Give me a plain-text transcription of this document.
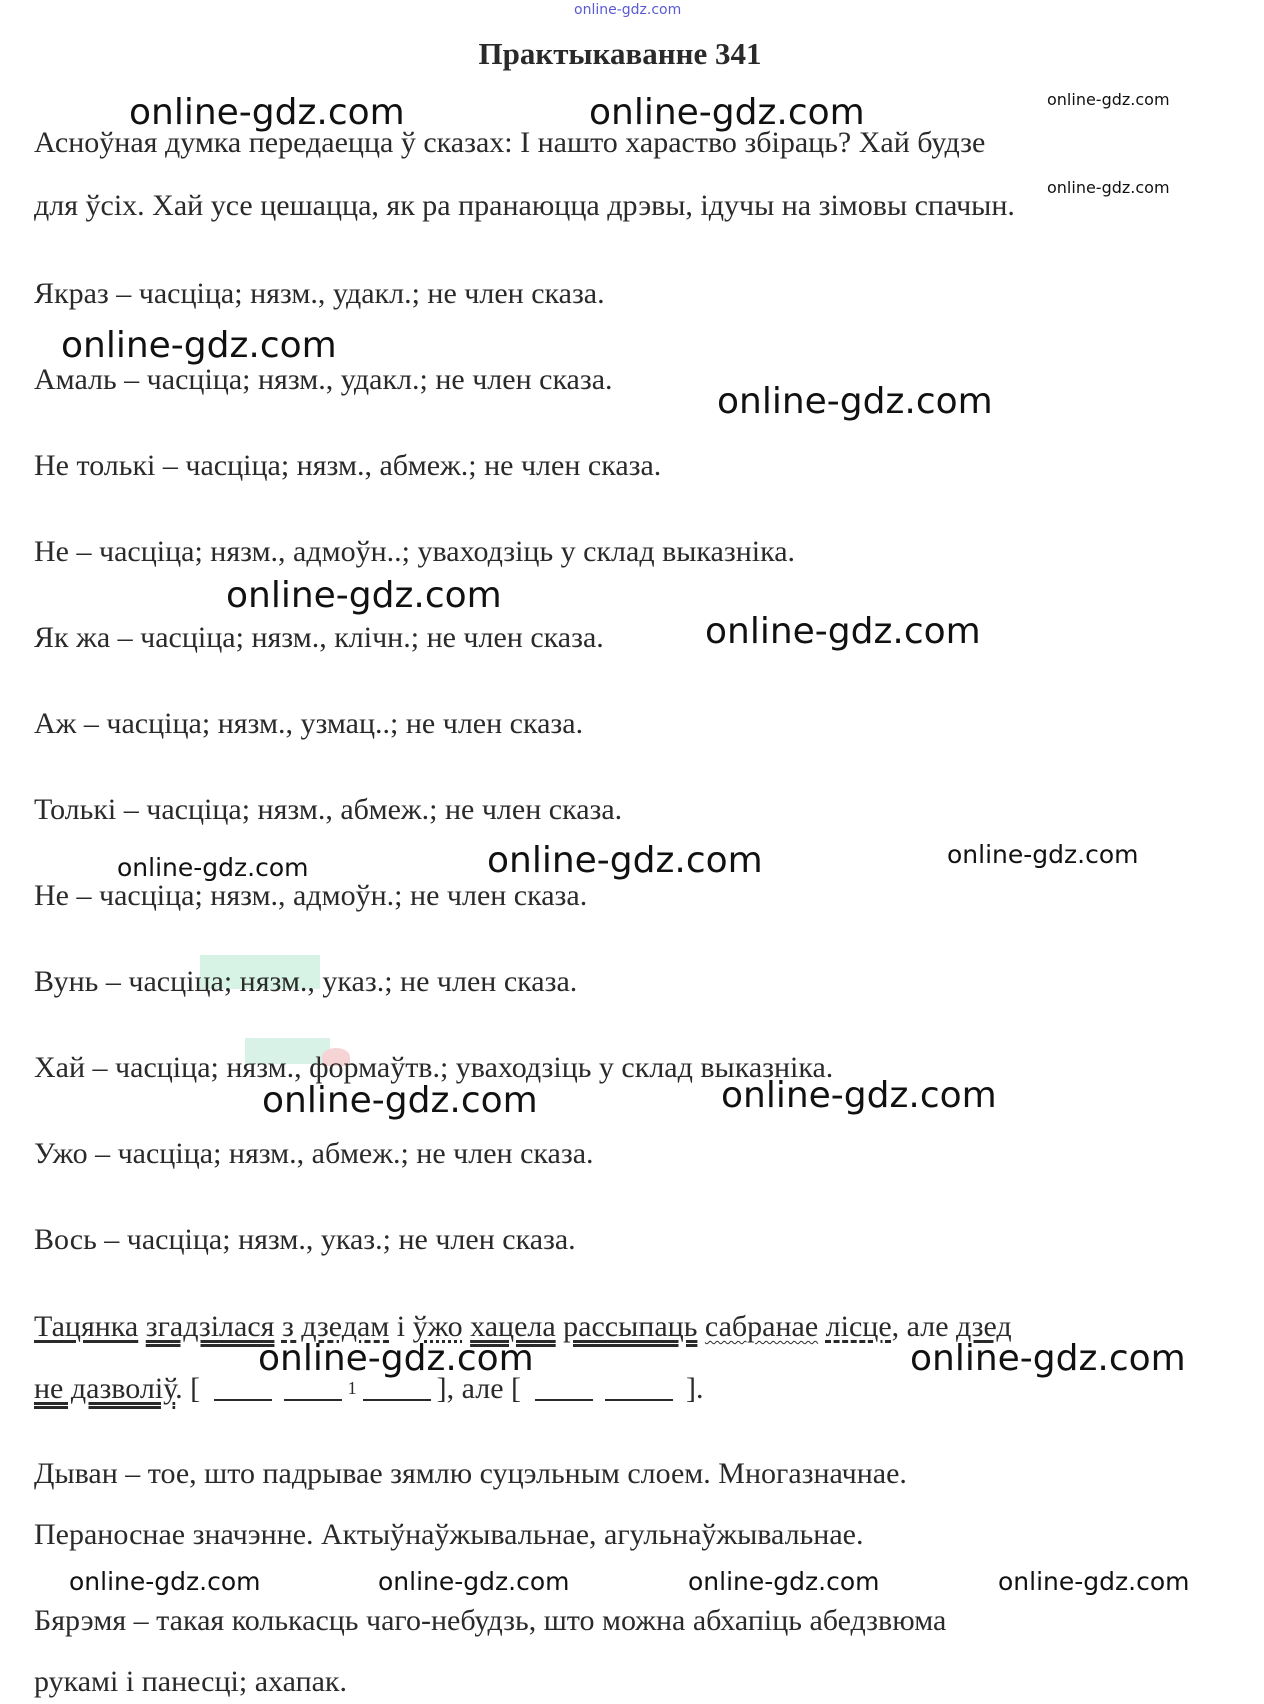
online-gdz.com
Практыкаванне 341
Асноўная думка передаецца ў сказах: І нашто хараство збіраць? Хай будзе
для ўсіх. Хай усе цешацца, як ра пранаюцца дрэвы, ідучы на зімовы спачын.
Якраз – часціца; нязм., удакл.; не член сказа.
Амаль – часціца; нязм., удакл.; не член сказа.
Не толькі – часціца; нязм., абмеж.; не член сказа.
Не – часціца; нязм., адмоўн..; уваходзіць у склад выказніка.
Як жа – часціца; нязм., клічн.; не член сказа.
Аж – часціца; нязм., узмац..; не член сказа.
Толькі – часціца; нязм., абмеж.; не член сказа.
Не – часціца; нязм., адмоўн.; не член сказа.
Вунь – часціца; нязм., указ.; не член сказа.
Хай – часціца; нязм., формаўтв.; уваходзіць у склад выказніка.
Ужо – часціца; нязм., абмеж.; не член сказа.
Вось – часціца; нязм., указ.; не член сказа.
Тацянка згадзілася з дзедам і ўжо хацела рассыпаць сабранае лісце, але дзед
не дазволіў. [	$^1$	], але [	].
Дыван – тое, што падрывае зямлю суцэльным слоем. Многазначнае.
Пераноснае значэнне. Актыўнаўжывальнае, агульнаўжывальнае.
Бярэмя – такая колькасць чаго-небудзь, што можна абхапіць абедзвюма
рукамі і панесці; ахапак.
online-gdz.com	online-gdz.com	online-gdz.com
online-gdz.com
online-gdz.com
online-gdz.com
online-gdz.com
online-gdz.com
online-gdz.com	online-gdz.com	online-gdz.com
online-gdz.com	online-gdz.com
online-gdz.com	online-gdz.com
online-gdz.com	online-gdz.com	online-gdz.com	online-gdz.com
